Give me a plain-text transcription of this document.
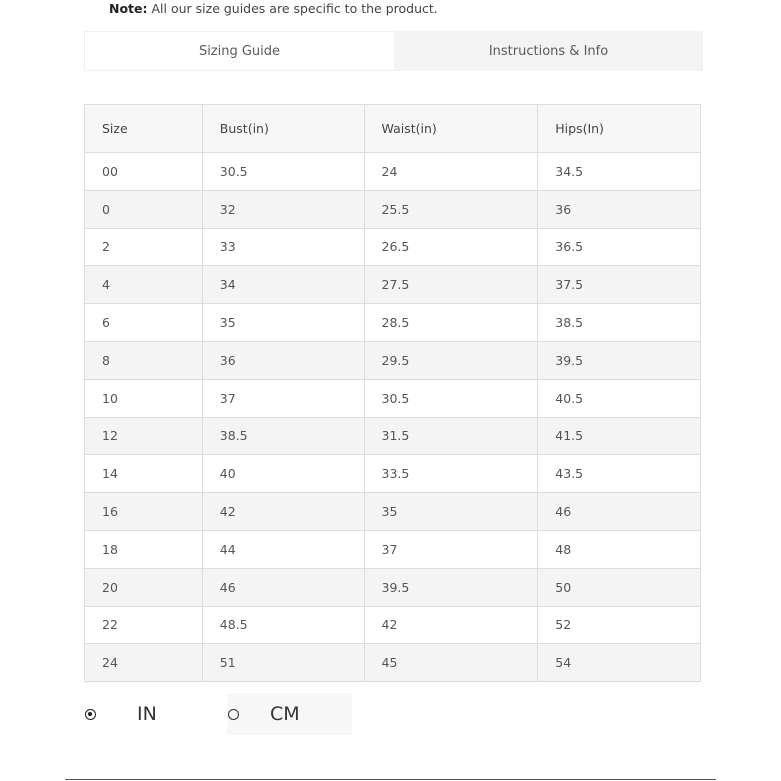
Note: All our size guides are specific to the product.
Sizing Guide	Instructions & Info
Size	Bust(in)	Waist(in)	Hips(In)
00	30.5	24	34.5
0	32	25.5	36
2	33	26.5	36.5
4	34	27.5	37.5
6	35	28.5	38.5
8	36	29.5	39.5
10	37	30.5	40.5
12	38.5	31.5	41.5
14	40	33.5	43.5
16	42	35	46
18	44	37	48
20	46	39.5	50
22	48.5	42	52
24	51	45	54
IN	CM
